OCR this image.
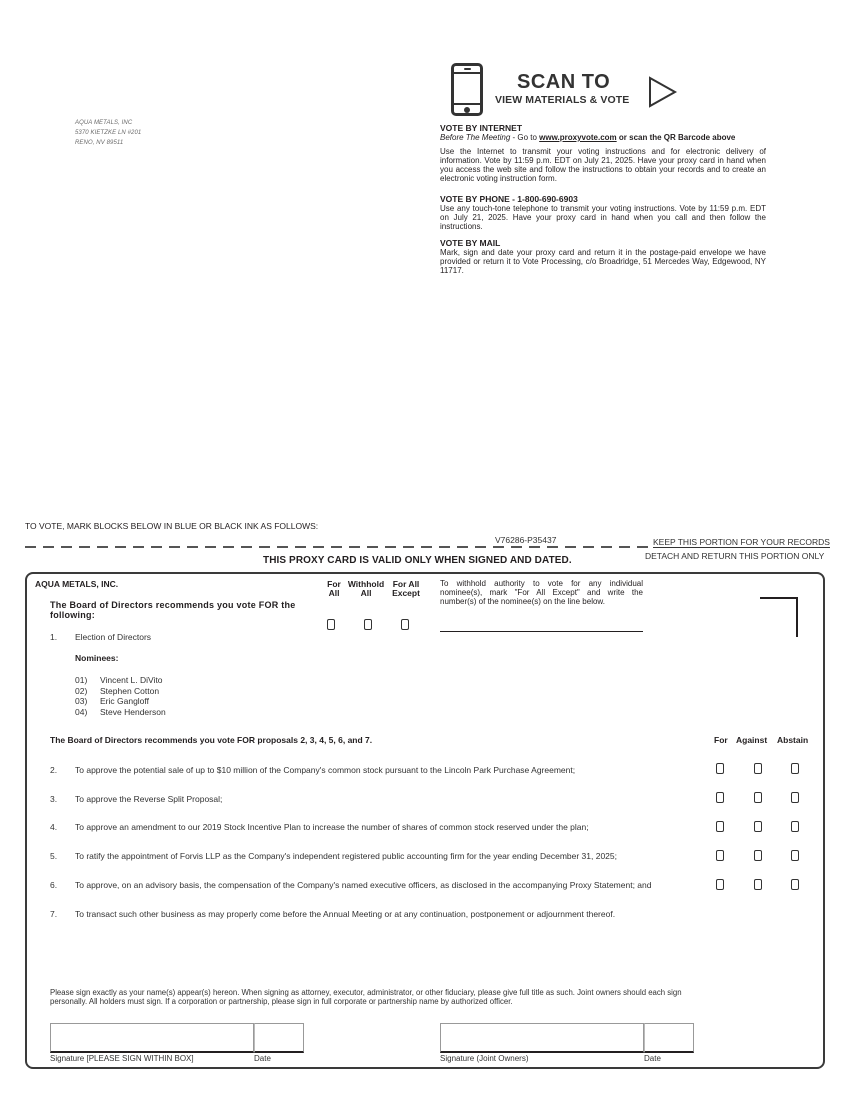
AQUA METALS, INC
5370 KIETZKE LN #201
RENO, NV 89511
SCAN TO
VIEW MATERIALS & VOTE
VOTE BY INTERNET
Before The Meeting - Go to www.proxyvote.com or scan the QR Barcode above
Use the Internet to transmit your voting instructions and for electronic delivery of information. Vote by 11:59 p.m. EDT on July 21, 2025. Have your proxy card in hand when you access the web site and follow the instructions to obtain your records and to create an electronic voting instruction form.
VOTE BY PHONE - 1-800-690-6903
Use any touch-tone telephone to transmit your voting instructions. Vote by 11:59 p.m. EDT on July 21, 2025. Have your proxy card in hand when you call and then follow the instructions.
VOTE BY MAIL
Mark, sign and date your proxy card and return it in the postage-paid envelope we have provided or return it to Vote Processing, c/o Broadridge, 51 Mercedes Way, Edgewood, NY 11717.
TO VOTE, MARK BLOCKS BELOW IN BLUE OR BLACK INK AS FOLLOWS:
V76286-P35437	KEEP THIS PORTION FOR YOUR RECORDS
DETACH AND RETURN THIS PORTION ONLY
THIS PROXY CARD IS VALID ONLY WHEN SIGNED AND DATED.
AQUA METALS, INC.
The Board of Directors recommends you vote FOR the following:
For
All
Withhold
All
For All
Except
To withhold authority to vote for any individual nominee(s), mark "For All Except" and write the number(s) of the nominee(s) on the line below.
1. Election of Directors
Nominees:
01) Vincent L. DiVito
02) Stephen Cotton
03) Eric Gangloff
04) Steve Henderson
The Board of Directors recommends you vote FOR proposals 2, 3, 4, 5, 6, and 7.	For Against Abstain
2. To approve the potential sale of up to $10 million of the Company's common stock pursuant to the Lincoln Park Purchase Agreement;
3. To approve the Reverse Split Proposal;
4. To approve an amendment to our 2019 Stock Incentive Plan to increase the number of shares of common stock reserved under the plan;
5. To ratify the appointment of Forvis LLP as the Company's independent registered public accounting firm for the year ending December 31, 2025;
6. To approve, on an advisory basis, the compensation of the Company's named executive officers, as disclosed in the accompanying Proxy Statement; and
7. To transact such other business as may properly come before the Annual Meeting or at any continuation, postponement or adjournment thereof.
Please sign exactly as your name(s) appear(s) hereon. When signing as attorney, executor, administrator, or other fiduciary, please give full title as such. Joint owners should each sign personally. All holders must sign. If a corporation or partnership, please sign in full corporate or partnership name by authorized officer.
Signature [PLEASE SIGN WITHIN BOX]	Date	Signature (Joint Owners)	Date
